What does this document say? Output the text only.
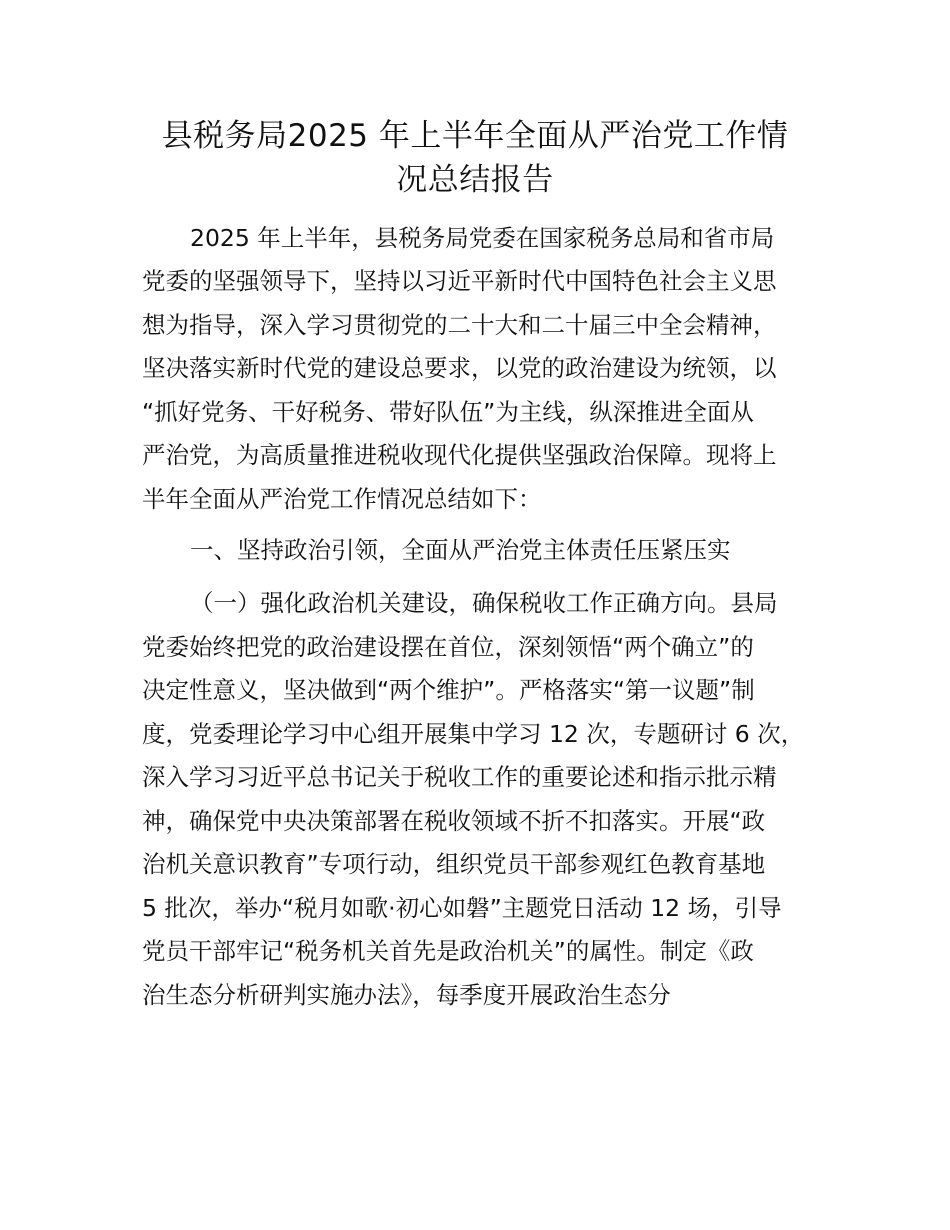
县税务局2025 年上半年全面从严治党工作情
况总结报告

2025 年上半年，县税务局党委在国家税务总局和省市局

党委的坚强领导下，坚持以习近平新时代中国特色社会主义思

想为指导，深入学习贯彻党的二十大和二十届三中全会精神，

坚决落实新时代党的建设总要求，以党的政治建设为统领，以

“抓好党务、干好税务、带好队伍”为主线，纵深推进全面从

严治党，为高质量推进税收现代化提供坚强政治保障。现将上

半年全面从严治党工作情况总结如下：

一、坚持政治引领，全面从严治党主体责任压紧压实

（一）强化政治机关建设，确保税收工作正确方向。县局

党委始终把党的政治建设摆在首位，深刻领悟“两个确立”的

决定性意义，坚决做到“两个维护”。严格落实“第一议题”制

度，党委理论学习中心组开展集中学习 12 次，专题研讨 6 次，

深入学习习近平总书记关于税收工作的重要论述和指示批示精

神，确保党中央决策部署在税收领域不折不扣落实。开展“政

治机关意识教育”专项行动，组织党员干部参观红色教育基地

5 批次，举办“税月如歌·初心如磐”主题党日活动 12 场，引导

党员干部牢记“税务机关首先是政治机关”的属性。制定《政

治生态分析研判实施办法》，每季度开展政治生态分
